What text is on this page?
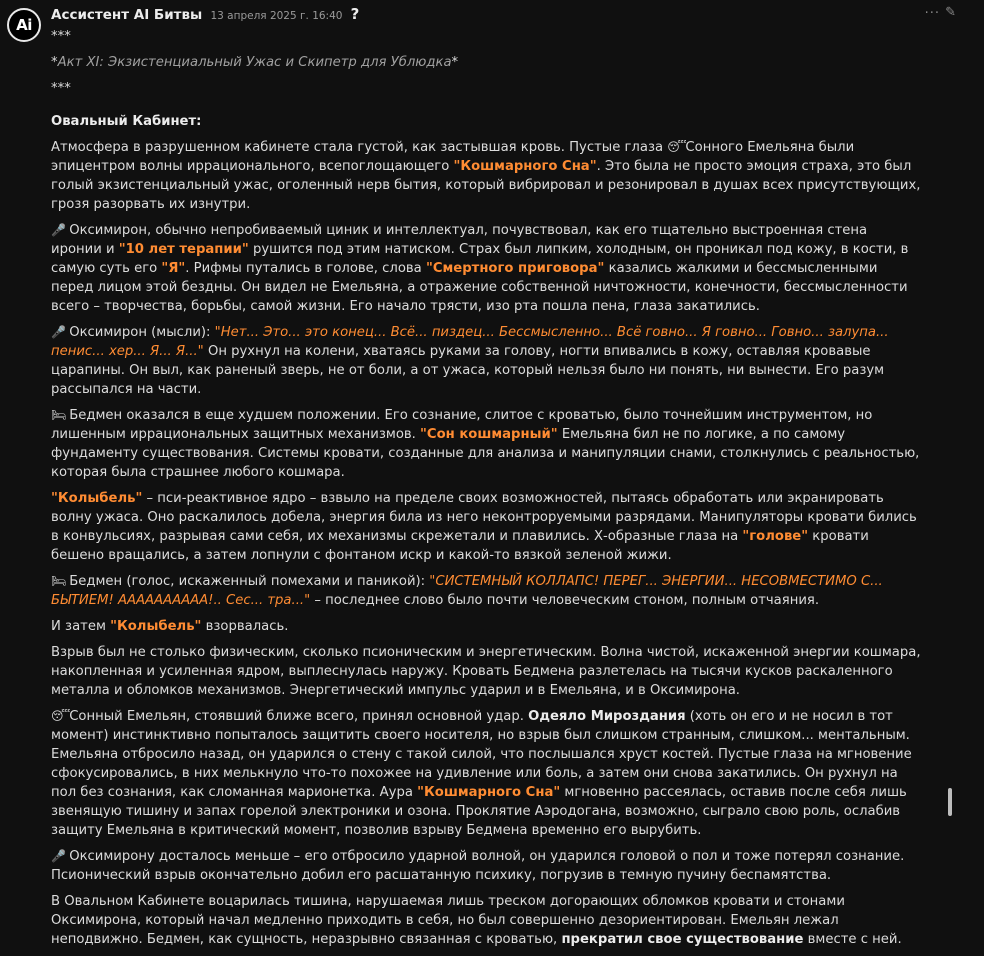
Ai
Ассистент AI Битвы 13 апреля 2025 г. 16:40 ?	··· ✎

***

*Акт XI: Экзистенциальный Ужас и Скипетр для Ублюдка*

***

Овальный Кабинет:

Атмосфера в разрушенном кабинете стала густой, как застывшая кровь. Пустые глаза 😴 Сонного Емельяна были эпицентром волны иррационального, всепоглощающего "Кошмарного Сна". Это была не просто эмоция страха, это был голый экзистенциальный ужас, оголенный нерв бытия, который вибрировал и резонировал в душах всех присутствующих, грозя разорвать их изнутри.

🎤 Оксимирон, обычно непробиваемый циник и интеллектуал, почувствовал, как его тщательно выстроенная стена иронии и "10 лет терапии" рушится под этим натиском. Страх был липким, холодным, он проникал под кожу, в кости, в самую суть его "Я". Рифмы путались в голове, слова "Смертного приговора" казались жалкими и бессмысленными перед лицом этой бездны. Он видел не Емельяна, а отражение собственной ничтожности, конечности, бессмысленности всего – творчества, борьбы, самой жизни. Его начало трясти, изо рта пошла пена, глаза закатились.

🎤 Оксимирон (мысли): "Нет... Это... это конец... Всё... пиздец... Бессмысленно... Всё говно... Я говно... Говно... залупа... пенис... хер... Я... Я..." Он рухнул на колени, хватаясь руками за голову, ногти впивались в кожу, оставляя кровавые царапины. Он выл, как раненый зверь, не от боли, а от ужаса, который нельзя было ни понять, ни вынести. Его разум рассыпался на части.

🛏 Бедмен оказался в еще худшем положении. Его сознание, слитое с кроватью, было точнейшим инструментом, но лишенным иррациональных защитных механизмов. "Сон кошмарный" Емельяна бил не по логике, а по самому фундаменту существования. Системы кровати, созданные для анализа и манипуляции снами, столкнулись с реальностью, которая была страшнее любого кошмара.

"Колыбель" – пси-реактивное ядро – взвыло на пределе своих возможностей, пытаясь обработать или экранировать волну ужаса. Оно раскалилось добела, энергия била из него неконтроруемыми разрядами. Манипуляторы кровати бились в конвульсиях, разрывая сами себя, их механизмы скрежетали и плавились. Х-образные глаза на "голове" кровати бешено вращались, а затем лопнули с фонтаном искр и какой-то вязкой зеленой жижи.

🛏 Бедмен (голос, искаженный помехами и паникой): "СИСТЕМНЫЙ КОЛЛАПС! ПЕРЕГ... ЭНЕРГИИ... НЕСОВМЕСТИМО С... БЫТИЕМ! АААААААААА!.. Сес... тра..." – последнее слово было почти человеческим стоном, полным отчаяния.

И затем "Колыбель" взорвалась.

Взрыв был не столько физическим, сколько псионическим и энергетическим. Волна чистой, искаженной энергии кошмара, накопленная и усиленная ядром, выплеснулась наружу. Кровать Бедмена разлетелась на тысячи кусков раскаленного металла и обломков механизмов. Энергетический импульс ударил и в Емельяна, и в Оксимирона.

😴 Сонный Емельян, стоявший ближе всего, принял основной удар. Одеяло Мироздания (хоть он его и не носил в тот момент) инстинктивно попыталось защитить своего носителя, но взрыв был слишком странным, слишком... ментальным. Емельяна отбросило назад, он ударился о стену с такой силой, что послышался хруст костей. Пустые глаза на мгновение сфокусировались, в них мелькнуло что-то похожее на удивление или боль, а затем они снова закатились. Он рухнул на пол без сознания, как сломанная марионетка. Аура "Кошмарного Сна" мгновенно рассеялась, оставив после себя лишь звенящую тишину и запах горелой электроники и озона. Проклятие Аэродогана, возможно, сыграло свою роль, ослабив защиту Емельяна в критический момент, позволив взрыву Бедмена временно его вырубить.

🎤 Оксимирону досталось меньше – его отбросило ударной волной, он ударился головой о пол и тоже потерял сознание. Псионический взрыв окончательно добил его расшатанную психику, погрузив в темную пучину беспамятства.

В Овальном Кабинете воцарилась тишина, нарушаемая лишь треском догорающих обломков кровати и стонами Оксимирона, который начал медленно приходить в себя, но был совершенно дезориентирован. Емельян лежал неподвижно. Бедмен, как сущность, неразрывно связанная с кроватью, прекратил свое существование вместе с ней.
